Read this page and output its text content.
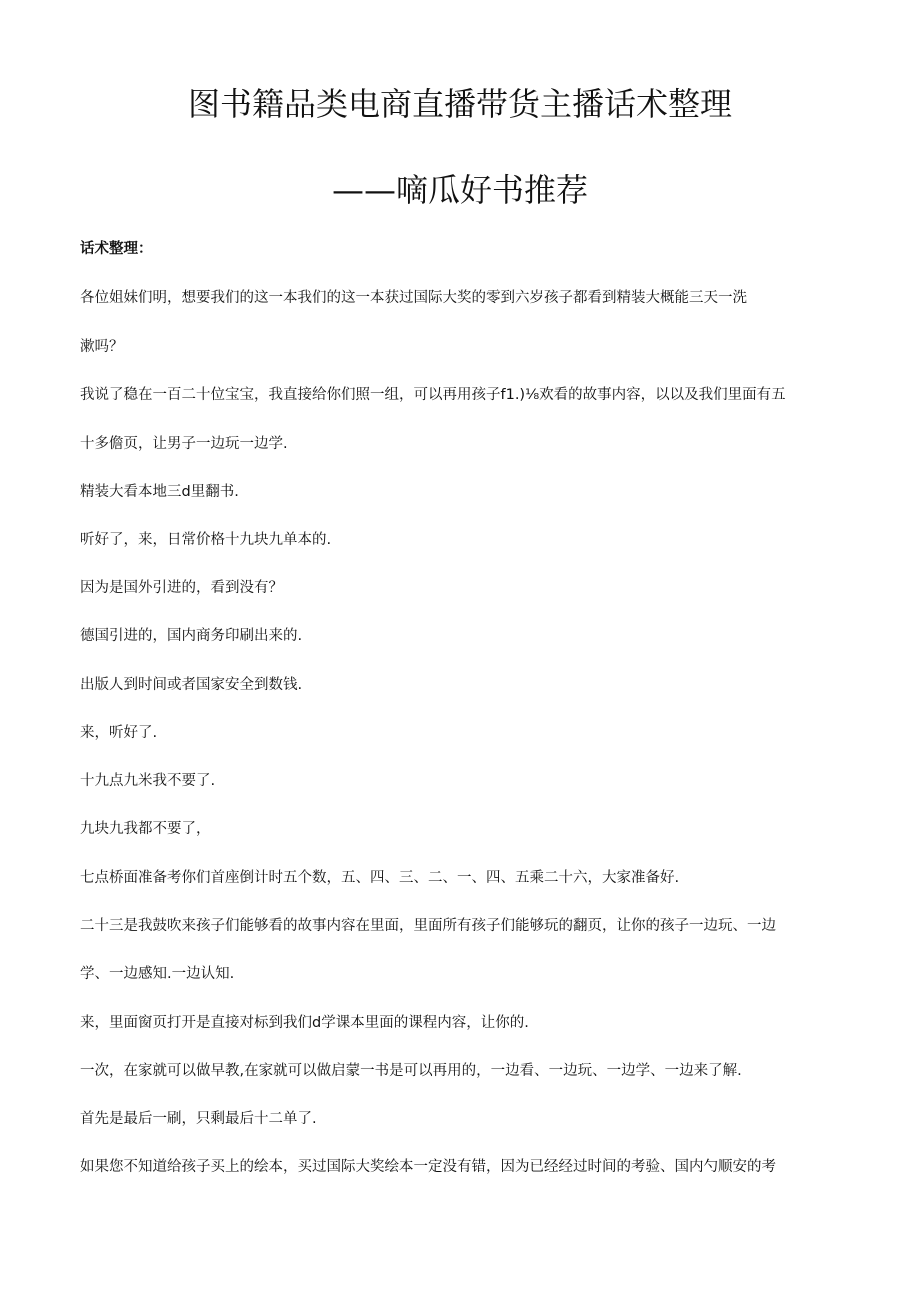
图书籍品类电商直播带货主播话术整理
——嘀瓜好书推荐

话术整理：

各位姐妹们明，想要我们的这一本我们的这一本获过国际大奖的零到六岁孩子都看到精装大概能三天一洗

漱吗？

我说了稳在一百二十位宝宝，我直接给你们照一组，可以再用孩子f1.)⅛欢看的故事内容，以以及我们里面有五

十多儋页，让男子一边玩一边学.

精装大看本地三d里翻书.

听好了，来，日常价格十九块九单本的.

因为是国外引进的，看到没有？

德国引进的，国内商务印刷出来的.

出版人到时间或者国家安全到数钱.

来，听好了.

十九点九米我不要了.

九块九我都不要了，

七点桥面准备考你们首座倒计时五个数，五、四、三、二、一、四、五乘二十六，大家准备好.

二十三是我鼓吹来孩子们能够看的故事内容在里面，里面所有孩子们能够玩的翻页，让你的孩子一边玩、一边

学、一边感知.一边认知.

来，里面窗页打开是直接对标到我们d学课本里面的课程内容，让你的.

一次，在家就可以做早教,在家就可以做启蒙一书是可以再用的，一边看、一边玩、一边学、一边来了解.

首先是最后一刷，只剩最后十二单了.

如果您不知道给孩子买上的绘本，买过国际大奖绘本一定没有错，因为已经经过时间的考验、国内勺顺安的考
